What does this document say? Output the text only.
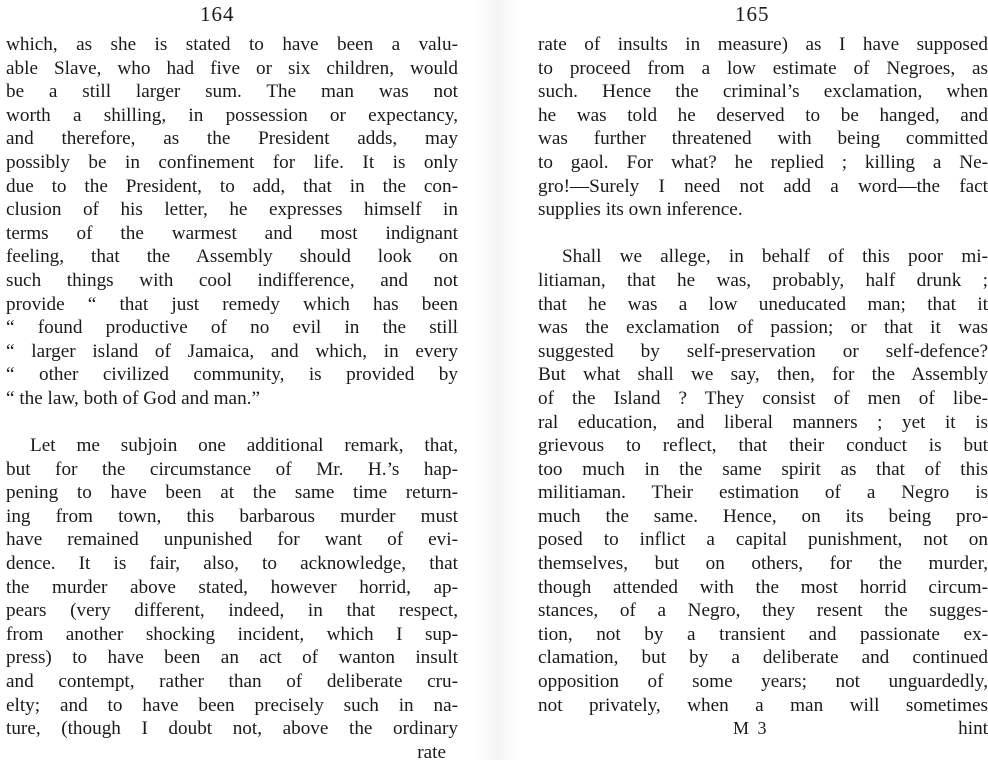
164
which, as she is stated to have been a valu-
able Slave, who had five or six children, would
be a still larger sum. The man was not
worth a shilling, in possession or expectancy,
and therefore, as the President adds, may
possibly be in confinement for life. It is only
due to the President, to add, that in the con-
clusion of his letter, he expresses himself in
terms of the warmest and most indignant
feeling, that the Assembly should look on
such things with cool indifference, and not
provide “ that just remedy which has been
“ found productive of no evil in the still
“ larger island of Jamaica, and which, in every
“ other civilized community, is provided by
“ the law, both of God and man.”
Let me subjoin one additional remark, that,
but for the circumstance of Mr. H.’s hap-
pening to have been at the same time return-
ing from town, this barbarous murder must
have remained unpunished for want of evi-
dence. It is fair, also, to acknowledge, that
the murder above stated, however horrid, ap-
pears (very different, indeed, in that respect,
from another shocking incident, which I sup-
press) to have been an act of wanton insult
and contempt, rather than of deliberate cru-
elty; and to have been precisely such in na-
ture, (though I doubt not, above the ordinary
rate
165
rate of insults in measure) as I have supposed
to proceed from a low estimate of Negroes, as
such. Hence the criminal’s exclamation, when
he was told he deserved to be hanged, and
was further threatened with being committed
to gaol. For what? he replied ; killing a Ne-
gro!—Surely I need not add a word—the fact
supplies its own inference.
Shall we allege, in behalf of this poor mi-
litiaman, that he was, probably, half drunk ;
that he was a low uneducated man; that it
was the exclamation of passion; or that it was
suggested by self-preservation or self-defence?
But what shall we say, then, for the Assembly
of the Island ? They consist of men of libe-
ral education, and liberal manners ; yet it is
grievous to reflect, that their conduct is but
too much in the same spirit as that of this
militiaman. Their estimation of a Negro is
much the same. Hence, on its being pro-
posed to inflict a capital punishment, not on
themselves, but on others, for the murder,
though attended with the most horrid circum-
stances, of a Negro, they resent the sugges-
tion, not by a transient and passionate ex-
clamation, but by a deliberate and continued
opposition of some years; not unguardedly,
not privately, when a man will sometimes
M 3	hint
